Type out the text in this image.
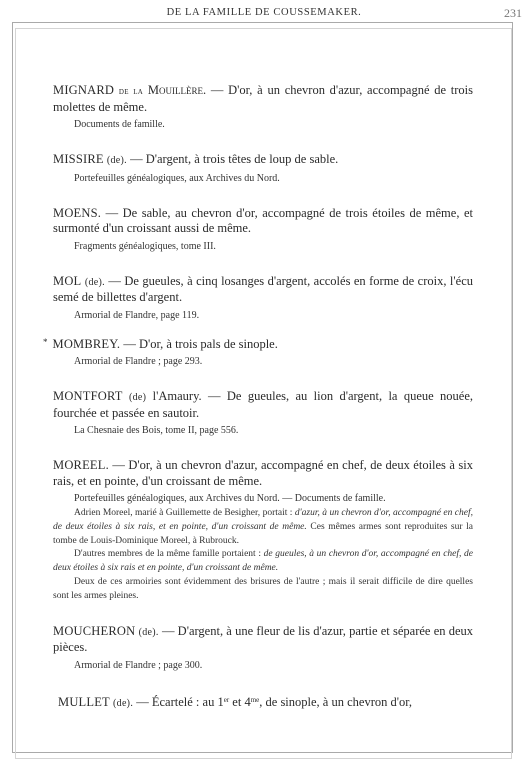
DE LA FAMILLE DE COUSSEMAKER.	231

MIGNARD de la Mouillère. — D'or, à un chevron d'azur, accompagné de trois molettes de même.

Documents de famille.

MISSIRE (de). — D'argent, à trois têtes de loup de sable.

Portefeuilles généalogiques, aux Archives du Nord.

MOENS. — De sable, au chevron d'or, accompagné de trois étoiles de même, et surmonté d'un croissant aussi de même.

Fragments généalogiques, tome III.

MOL (de). — De gueules, à cinq losanges d'argent, accolés en forme de croix, l'écu semé de billettes d'argent.

Armorial de Flandre, page 119.

* MOMBREY. — D'or, à trois pals de sinople.

Armorial de Flandre ; page 293.

MONTFORT (de) l'Amaury. — De gueules, au lion d'argent, la queue nouée, fourchée et passée en sautoir.

La Chesnaie des Bois, tome II, page 556.

MOREEL. — D'or, à un chevron d'azur, accompagné en chef, de deux étoiles à six rais, et en pointe, d'un croissant de même.

Portefeuilles généalogiques, aux Archives du Nord. — Documents de famille.

Adrien Moreel, marié à Guillemette de Besigher, portait : d'azur, à un chevron d'or, accompagné en chef, de deux étoiles à six rais, et en pointe, d'un croissant de même. Ces mêmes armes sont reproduites sur la tombe de Louis-Dominique Moreel, à Rubrouck.

D'autres membres de la même famille portaient : de gueules, à un chevron d'or, accompagné en chef, de deux étoiles à six rais et en pointe, d'un croissant de même.

Deux de ces armoiries sont évidemment des brisures de l'autre ; mais il serait difficile de dire quelles sont les armes pleines.

MOUCHERON (de). — D'argent, à une fleur de lis d'azur, partie et séparée en deux pièces.

Armorial de Flandre ; page 300.

MULLET (de). — Écartelé : au 1er et $4^{me}$, de sinople, à un chevron d'or,
